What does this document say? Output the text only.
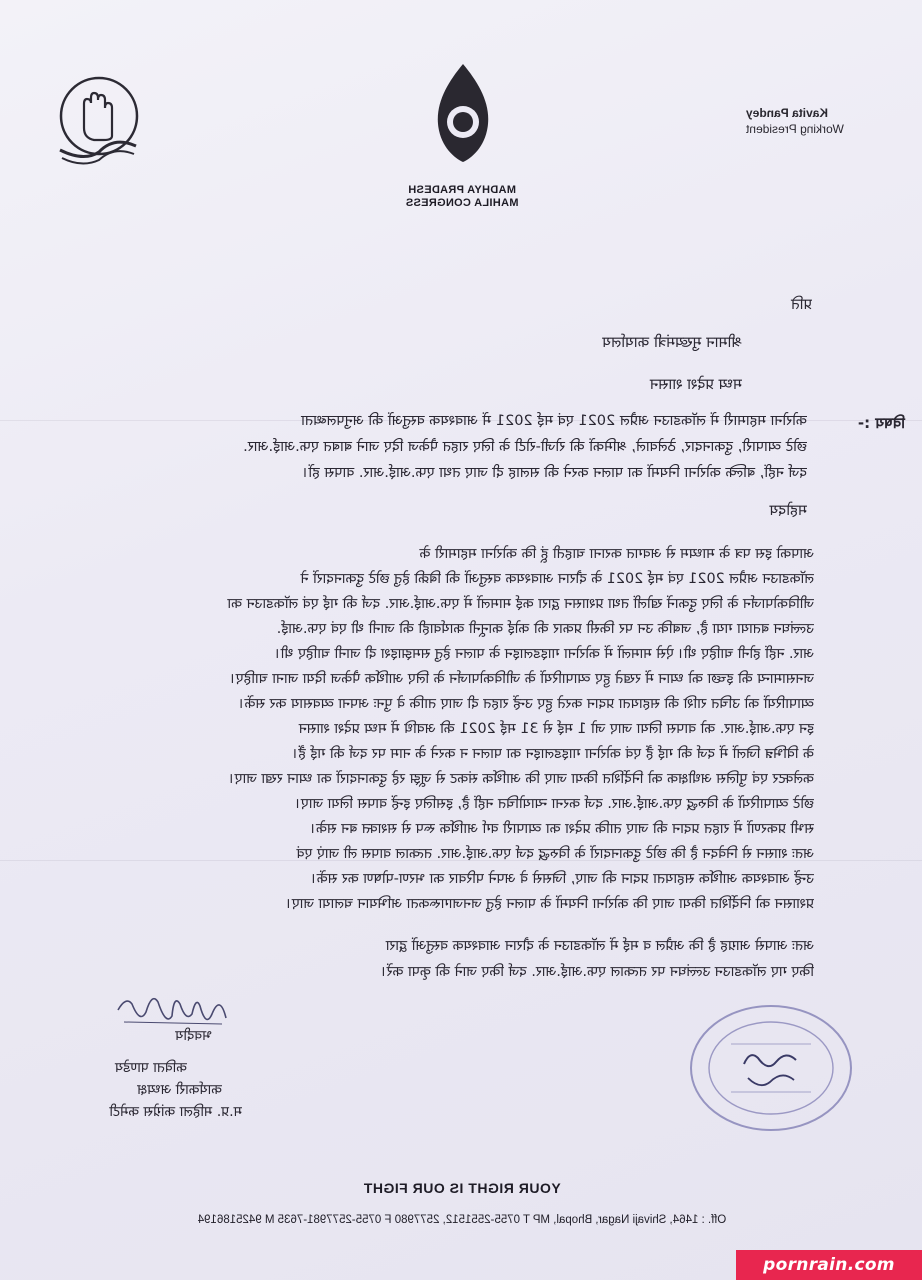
MADHYA PRADESH
MAHILA CONGRESS
Kavita Pandey
Working President
प्रति
श्रीमान मुख्यमंत्री कार्यालय
मध्य प्रदेश शासन
विषय :-
कोरोना महामारी में लॉकडाउन अप्रैल 2021 एवं मई 2021 में आवश्यक वस्तुओं की अनुपलब्धता
छोटे व्यापारी, दुकानदार, ठेलेवाले, श्रमिकों की रोजी-रोटी के लिए राहत पैकेज दिए जाने बाबत एफ.आई.आर.
दर्ज नहीं, बल्कि कोरोना नियमों का पालन करने की सलाह दी जाए तथा एफ.आई.आर. वापस हों।
महोदय
आपको इस पत्र के माध्यम से अवगत कराना चाहती हूं कि कोरोना महामारी के
लॉकडाउन अप्रैल 2021 एवं मई 2021 के दौरान आवश्यक वस्तुओं की बिक्री हेतु छोटे दुकानदारों ने
जीविकोपार्जन के लिए दुकानें खोलीं तथा प्रशासन द्वारा कई मामलों में एफ.आई.आर. दर्ज की गई एवं लॉकडाउन का
उल्लंघन बताया गया है, जबकि उन पर किसी प्रकार की कोई कानूनी कार्यवाही की जानी थी एवं एफ.आई.
आर. नहीं होनी चाहिए थी। ऐसे मामलों में कोरोना गाइडलाइन के पालन हेतु समझाइश दी जानी चाहिए थी।
जनसामान्य की इच्छा को ध्यान में रखते हुए व्यापारियों के जीविकोपार्जन के लिए आर्थिक पैकेज दिया जाना चाहिए।
व्यापारियों को उचित राशि की सहायता प्रदान करते हुए उन्हें राहत दी जाए ताकि वे पुनः अपना व्यवसाय कर सकें।
इन एफ.आई.आर. को वापस लिया जाए जो 1 मई से 31 मई 2021 की अवधि में मध्य प्रदेश शासन
के विभिन्न जिलों में दर्ज की गई हैं एवं कोरोना गाइडलाइन का पालन न करने के नाम पर दर्ज की गई हैं।
कलेक्टर एवं पुलिस अधीक्षक को निर्देशित किया जाए कि आर्थिक संकट से जूझ रहे दुकानदारों का ध्यान रखा जाए।
छोटे व्यापारियों के विरुद्ध एफ.आई.आर. दर्ज करना न्यायोचित नहीं है, इसलिए इन्हें वापस लिया जाए।
सभी प्रकरणों में राहत प्रदान की जाए ताकि प्रदेश का व्यापारी वर्ग आर्थिक रूप से सशक्त बन सके।
अतः शासन से निवेदन है कि छोटे दुकानदारों के विरुद्ध दर्ज एफ.आई.आर. तत्काल वापस ली जाएं एवं
उन्हें आवश्यक आर्थिक सहायता प्रदान की जाए, जिससे वे अपने परिवार का भरण-पोषण कर सकें।
प्रशासन को निर्देशित किया जाए कि कोरोना नियमों के पालन हेतु जनजागरूकता अभियान चलाया जाए।
अतः आपसे आग्रह है कि अप्रैल व मई में लॉकडाउन के दौरान आवश्यक वस्तुओं द्वारा
किए गए लॉकडाउन उल्लंघन पर तत्काल एफ.आई.आर. दर्ज किए जाने की कृपा करें।
भवदीय
कविता पाण्डेय
कार्यकारी अध्यक्ष
म.प्र. महिला कांग्रेस कमेटी
YOUR RIGHT IS OUR FIGHT
Off. : 1464, Shivaji Nagar, Bhopal, MP T 0755-2551512, 2577980 F 0755-2577981-7635 M 9425186194
pornrain.com
